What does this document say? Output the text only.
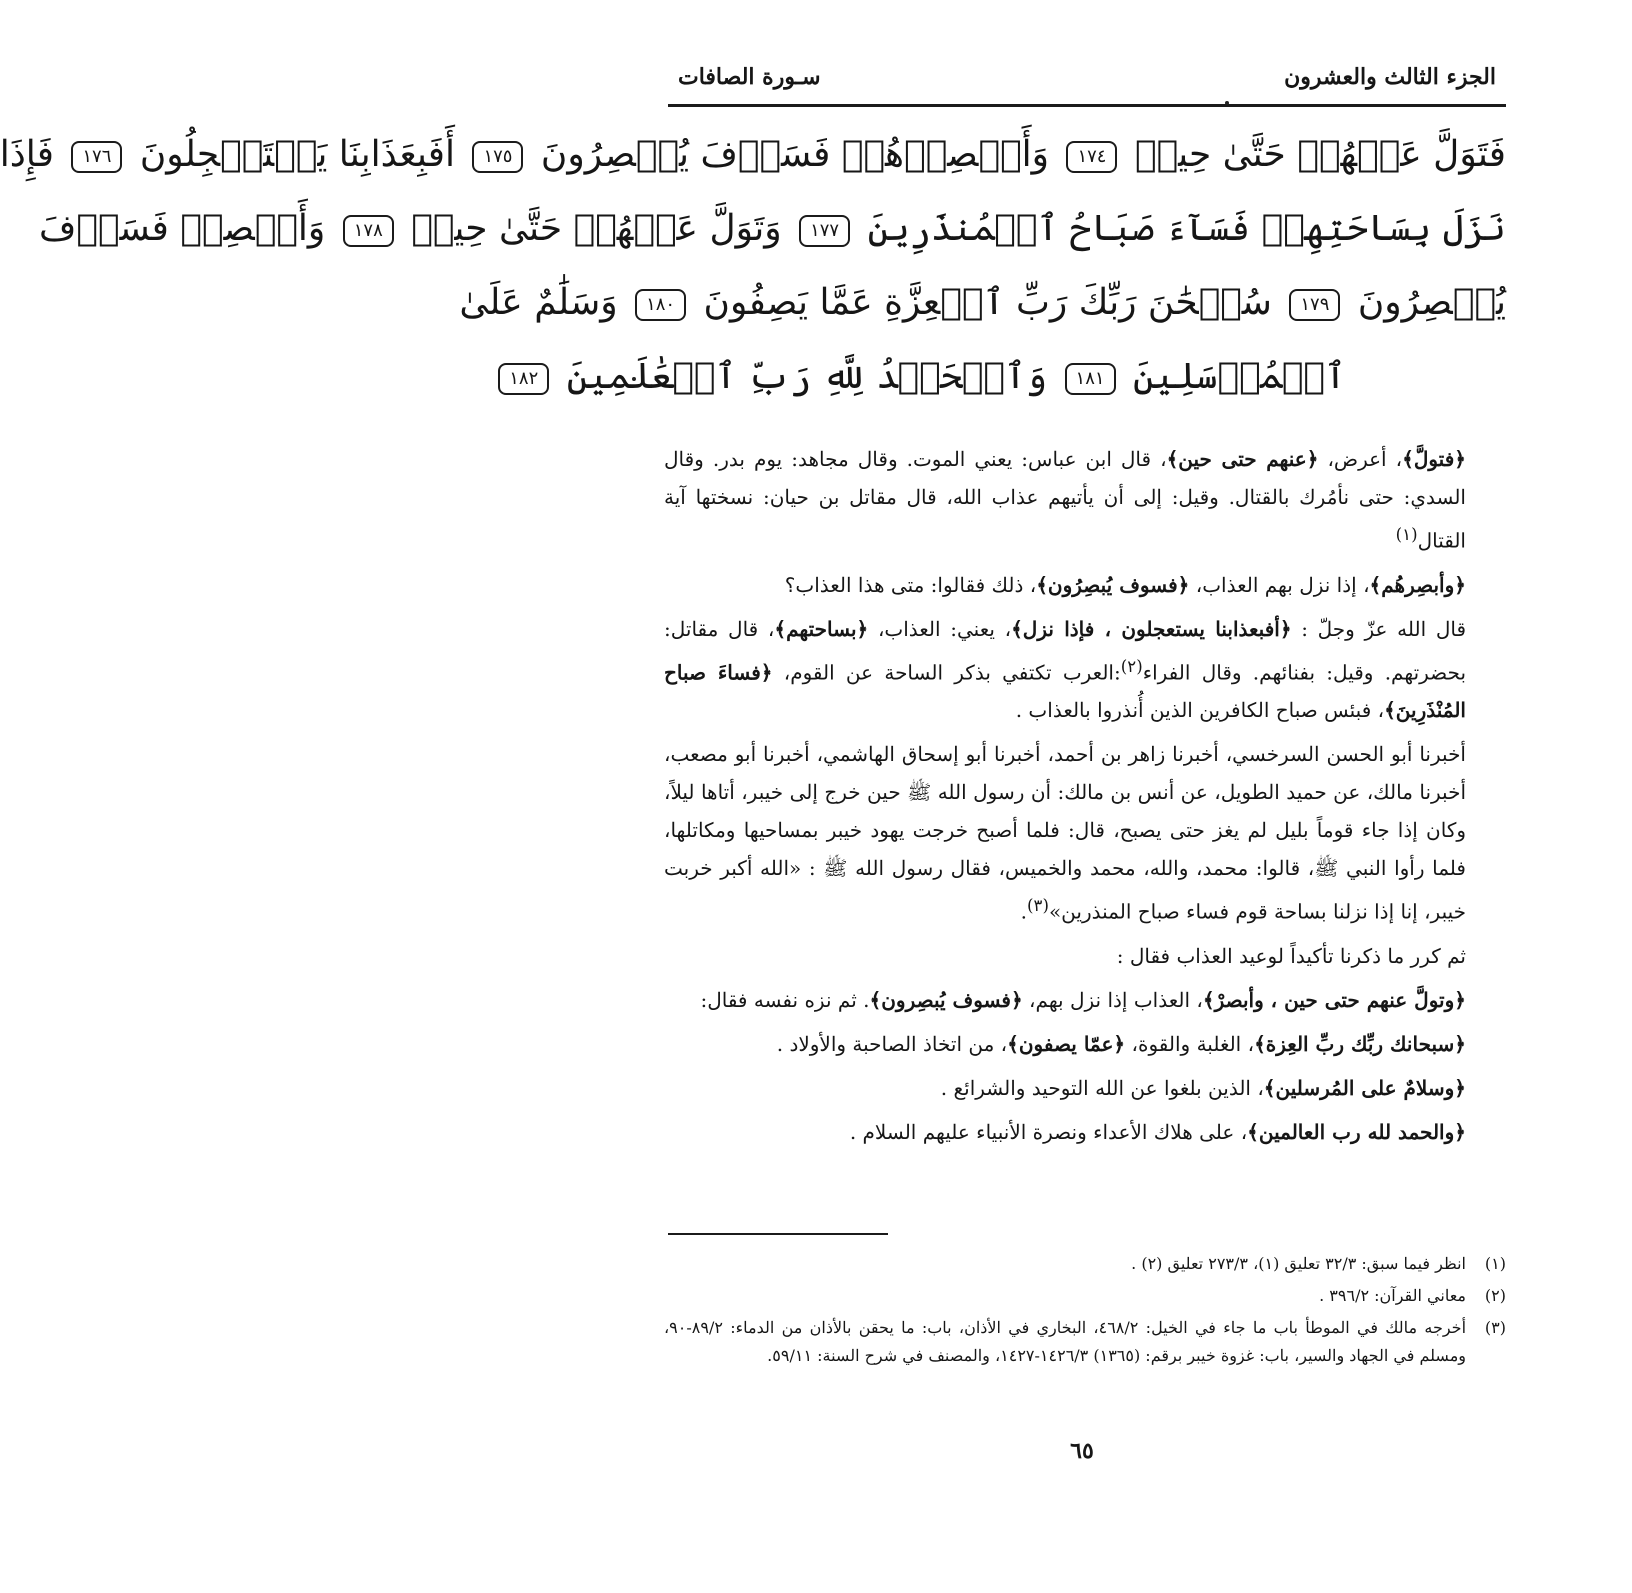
الجزء الثالث والعشرون
سـورة الصافات
فَتَوَلَّ عَنۡهُمۡ حَتَّىٰ حِينٖ ١٧٤ وَأَبۡصِرۡهُمۡ فَسَوۡفَ يُبۡصِرُونَ ١٧٥ أَفَبِعَذَابِنَا يَسۡتَعۡجِلُونَ ١٧٦ فَإِذَا
نَزَلَ بِسَاحَتِهِمۡ فَسَآءَ صَبَاحُ ٱلۡمُنذَرِينَ ١٧٧ وَتَوَلَّ عَنۡهُمۡ حَتَّىٰ حِينٖ ١٧٨ وَأَبۡصِرۡ فَسَوۡفَ
يُبۡصِرُونَ ١٧٩ سُبۡحَٰنَ رَبِّكَ رَبِّ ٱلۡعِزَّةِ عَمَّا يَصِفُونَ ١٨٠ وَسَلَٰمٌ عَلَىٰ
ٱلۡمُرۡسَلِينَ ١٨١ وَٱلۡحَمۡدُ لِلَّهِ رَبِّ ٱلۡعَٰلَمِينَ ١٨٢

﴿فتولَّ﴾، أعرض، ﴿عنهم حتى حين﴾، قال ابن عباس: يعني الموت. وقال مجاهد: يوم بدر. وقال السدي: حتى نأمُرك بالقتال. وقيل: إلى أن يأتيهم عذاب الله، قال مقاتل بن حيان: نسختها آية القتال$^{(١)}$

﴿وأبصِرهُم﴾، إذا نزل بهم العذاب، ﴿فسوف يُبصِرُون﴾، ذلك فقالوا: متى هذا العذاب؟

قال الله عزّ وجلّ : ﴿أفبعذابنا يستعجلون ، فإذا نزل﴾، يعني: العذاب، ﴿بساحتهم﴾، قال مقاتل: بحضرتهم. وقيل: بفنائهم. وقال الفراء$^{(٢)}$:العرب تكتفي بذكر الساحة عن القوم، ﴿فساءَ صباح المُنْذَرِينَ﴾، فبئس صباح الكافرين الذين أُنذروا بالعذاب .

أخبرنا أبو الحسن السرخسي، أخبرنا زاهر بن أحمد، أخبرنا أبو إسحاق الهاشمي، أخبرنا أبو مصعب، أخبرنا مالك، عن حميد الطويل، عن أنس بن مالك: أن رسول الله ﷺ حين خرج إلى خيبر، أتاها ليلاً، وكان إذا جاء قوماً بليل لم يغز حتى يصبح، قال: فلما أصبح خرجت يهود خيبر بمساحيها ومكاتلها، فلما رأوا النبي ﷺ، قالوا: محمد، والله، محمد والخميس، فقال رسول الله ﷺ : «الله أكبر خربت خيبر، إنا إذا نزلنا بساحة قوم فساء صباح المنذرين»$^{(٣)}$.

ثم كرر ما ذكرنا تأكيداً لوعيد العذاب فقال :

﴿وتولَّ عنهم حتى حين ، وأبصرْ﴾، العذاب إذا نزل بهم، ﴿فسوف يُبصِرون﴾. ثم نزه نفسه فقال:

﴿سبحانك ربِّك ربِّ العِزة﴾، الغلبة والقوة، ﴿عمّا يصفون﴾، من اتخاذ الصاحبة والأولاد .

﴿وسلامٌ على المُرسلين﴾، الذين بلغوا عن الله التوحيد والشرائع .

﴿والحمد لله رب العالمين﴾، على هلاك الأعداء ونصرة الأنبياء عليهم السلام .

(١)
انظر فيما سبق: ٣٢/٣ تعليق (١)، ٢٧٣/٣ تعليق (٢) .
(٢)
معاني القرآن: ٣٩٦/٢ .
(٣)
أخرجه مالك في الموطأ باب ما جاء في الخيل: ٤٦٨/٢، البخاري في الأذان، باب: ما يحقن بالأذان من الدماء: ٨٩/٢-٩٠، ومسلم في الجهاد والسير، باب: غزوة خيبر برقم: (١٣٦٥) ١٤٢٦/٣-١٤٢٧، والمصنف في شرح السنة: ٥٩/١١.
٦٥
